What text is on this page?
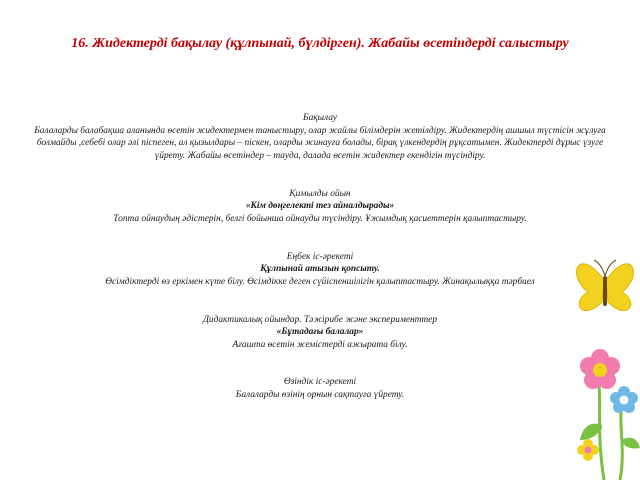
16. Жидектерді бақылау (құлпынай, бүлдірген). Жабайы өсетіндерді салыстыру

Бақылау

Балаларды балабақша аланында өсетін жидектермен таныстыру, олар жайлы білімдерін жетілдіру. Жидектердің ашшыл түстісін жұлуға болмайды ,себебі олар әлі піспеген, ал қызылдары – піскен, оларды жинауға болады, бірақ үлкендердің рұқсатымен. Жидектерді дұрыс үзуге үйрету. Жабайы өсетіндер – тауда, далада өсетін жидектер екендігін түсіндіру.

Қимылды ойын

«Кім дөңгелекті тез айналдырады»

Топта ойнаудың әдістерін, белгі бойынша ойнауды түсіндіру. Ұжымдық қасиеттерін қалыптастыру.

Еңбек іс-әрекеті

Құлпынай атызын қопсыту.

Өсімдіктерді өз еркімен күте білу. Өсімдікке деген сүйіспеншілігін қалыптастыру. Жинақылыққа тәрбиел

Дидактикалық ойындар. Тәжірибе және эксперименттер

«Бұтадағы балалар»

Ағашта өсетін жемістерді ажырата білу.

Өзіндік іс-әрекеті

Балаларды өзінің орнын сақтауға үйрету.
